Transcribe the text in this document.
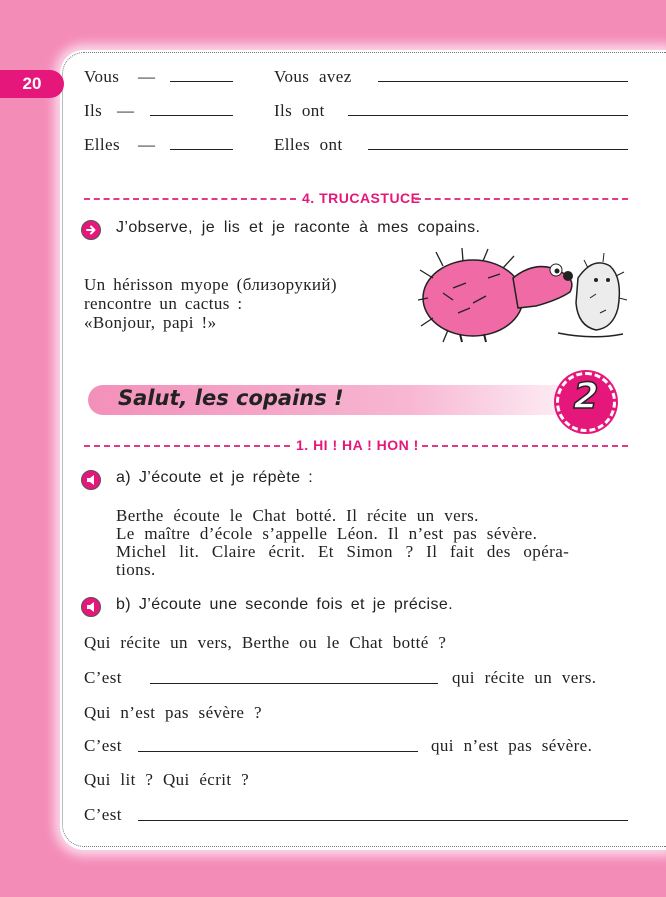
20	Vous —	Vous avez
Ils —	Ils ont
Elles —	Elles ont
4. TRUCASTUCE
J’observe, je lis et je raconte à mes copains.
Un hérisson myope (близорукий)
rencontre un cactus :
«Bonjour, papi !»
Salut, les copains !	2
1. HI ! HA ! HON !
a) J’écoute et je répète :
Berthe écoute le Chat botté. Il récite un vers.
Le maître d’école s’appelle Léon. Il n’est pas sévère.
Michel lit. Claire écrit. Et Simon ? Il fait des opéra-
tions.
b) J’écoute une seconde fois et je précise.
Qui récite un vers, Berthe ou le Chat botté ?
C’est	qui récite un vers.
Qui n’est pas sévère ?
C’est	qui n’est pas sévère.
Qui lit ? Qui écrit ?
C’est
